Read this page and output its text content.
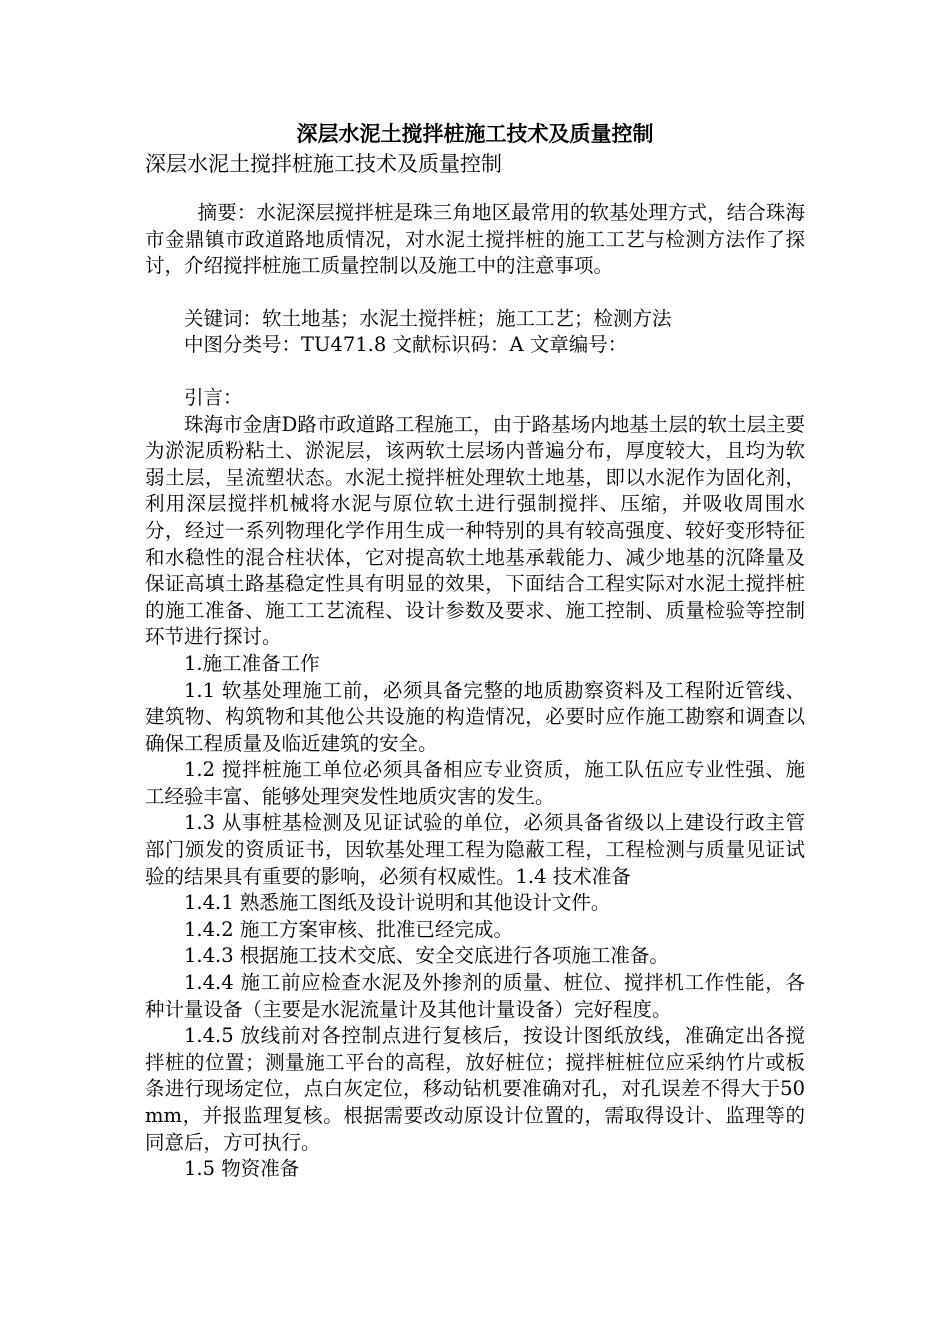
深层水泥土搅拌桩施工技术及质量控制

深层水泥土搅拌桩施工技术及质量控制

摘要：水泥深层搅拌桩是珠三角地区最常用的软基处理方式，结合珠海市金鼎镇市政道路地质情况，对水泥土搅拌桩的施工工艺与检测方法作了探讨，介绍搅拌桩施工质量控制以及施工中的注意事项。

关键词：软土地基；水泥土搅拌桩；施工工艺；检测方法

中图分类号：TU471.8 文献标识码：A 文章编号：

引言：

珠海市金唐D路市政道路工程施工，由于路基场内地基土层的软土层主要为淤泥质粉粘土、淤泥层，该两软土层场内普遍分布，厚度较大，且均为软弱土层，呈流塑状态。水泥土搅拌桩处理软土地基，即以水泥作为固化剂，利用深层搅拌机械将水泥与原位软土进行强制搅拌、压缩，并吸收周围水分，经过一系列物理化学作用生成一种特别的具有较高强度、较好变形特征和水稳性的混合柱状体，它对提高软土地基承载能力、减少地基的沉降量及保证高填土路基稳定性具有明显的效果，下面结合工程实际对水泥土搅拌桩的施工准备、施工工艺流程、设计参数及要求、施工控制、质量检验等控制环节进行探讨。

1.施工准备工作

1.1 软基处理施工前，必须具备完整的地质勘察资料及工程附近管线、建筑物、构筑物和其他公共设施的构造情况，必要时应作施工勘察和调查以确保工程质量及临近建筑的安全。

1.2 搅拌桩施工单位必须具备相应专业资质，施工队伍应专业性强、施工经验丰富、能够处理突发性地质灾害的发生。

1.3 从事桩基检测及见证试验的单位，必须具备省级以上建设行政主管部门颁发的资质证书，因软基处理工程为隐蔽工程，工程检测与质量见证试验的结果具有重要的影响，必须有权威性。1.4 技术准备

1.4.1 熟悉施工图纸及设计说明和其他设计文件。

1.4.2 施工方案审核、批准已经完成。

1.4.3 根据施工技术交底、安全交底进行各项施工准备。

1.4.4 施工前应检查水泥及外掺剂的质量、桩位、搅拌机工作性能，各种计量设备（主要是水泥流量计及其他计量设备）完好程度。

1.4.5 放线前对各控制点进行复核后，按设计图纸放线，准确定出各搅拌桩的位置；测量施工平台的高程，放好桩位；搅拌桩桩位应采纳竹片或板条进行现场定位，点白灰定位，移动钻机要准确对孔，对孔误差不得大于50mm，并报监理复核。根据需要改动原设计位置的，需取得设计、监理等的同意后，方可执行。

1.5 物资准备
